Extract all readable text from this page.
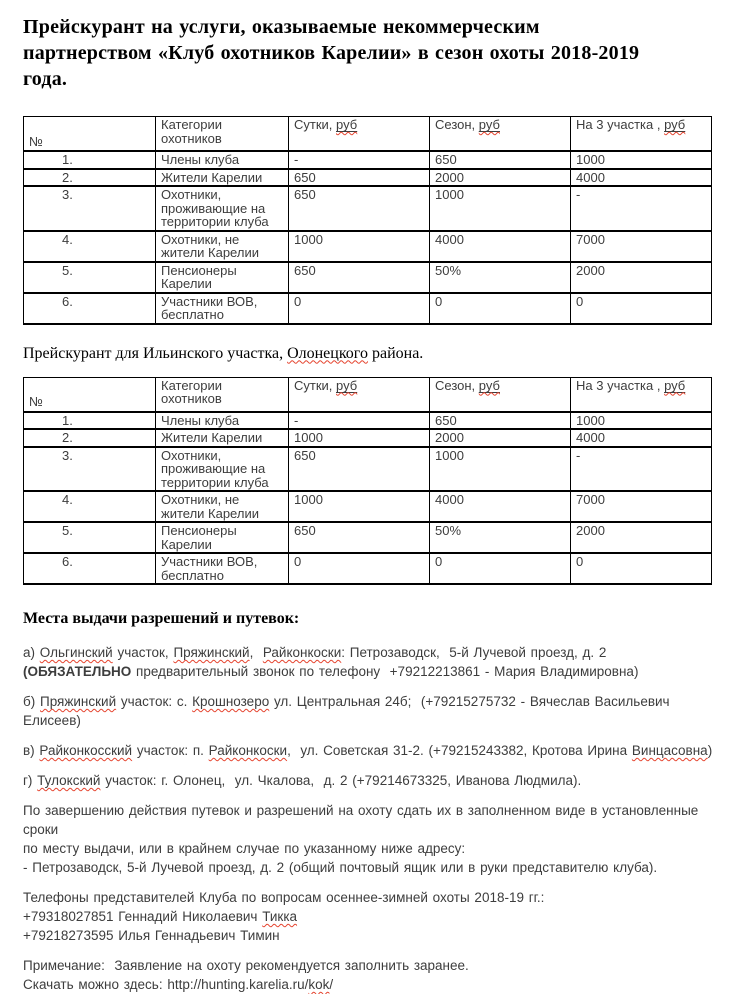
Прейскурант на услуги, оказываемые некоммерческим
партнерством «Клуб охотников Карелии» в сезон охоты 2018-2019
года.
№	Категории охотников	Сутки, руб	Сезон, руб	На 3 участка , руб
1.	Члены клуба	-	650	1000
2.	Жители Карелии	650	2000	4000
3.	Охотники, проживающие на территории клуба	650	1000	-
4.	Охотники, не жители Карелии	1000	4000	7000
5.	Пенсионеры Карелии	650	50%	2000
6.	Участники ВОВ, бесплатно	0	0	0

Прейскурант для Ильинского участка, Олонецкого района.

№	Категории охотников	Сутки, руб	Сезон, руб	На 3 участка , руб
1.	Члены клуба	-	650	1000
2.	Жители Карелии	1000	2000	4000
3.	Охотники, проживающие на территории клуба	650	1000	-
4.	Охотники, не жители Карелии	1000	4000	7000
5.	Пенсионеры Карелии	650	50%	2000
6.	Участники ВОВ, бесплатно	0	0	0
Места выдачи разрешений и путевок:
а) Ольгинский участок, Пряжинский,  Райконкоски: Петрозаводск,  5-й Лучевой проезд, д. 2
(ОБЯЗАТЕЛЬНО предварительный звонок по телефону  +79212213861 - Мария Владимировна)
б) Пряжинский участок: с. Крошнозеро ул. Центральная 24б;  (+79215275732 - Вячеслав Васильевич Елисеев)
в) Райконкосский участок: п. Райконкоски,  ул. Советская 31-2. (+79215243382, Кротова Ирина Винцасовна)
г) Тулокский участок: г. Олонец,  ул. Чкалова,  д. 2 (+79214673325, Иванова Людмила).
По завершению действия путевок и разрешений на охоту сдать их в заполненном виде в установленные сроки
по месту выдачи, или в крайнем случае по указанному ниже адресу:
- Петрозаводск, 5-й Лучевой проезд, д. 2 (общий почтовый ящик или в руки представителю клуба).
Телефоны представителей Клуба по вопросам осеннее-зимней охоты 2018-19 гг.:
+79318027851 Геннадий Николаевич Тикка
+79218273595 Илья Геннадьевич Тимин
Примечание:  Заявление на охоту рекомендуется заполнить заранее.
Скачать можно здесь: http://hunting.karelia.ru/kok/
